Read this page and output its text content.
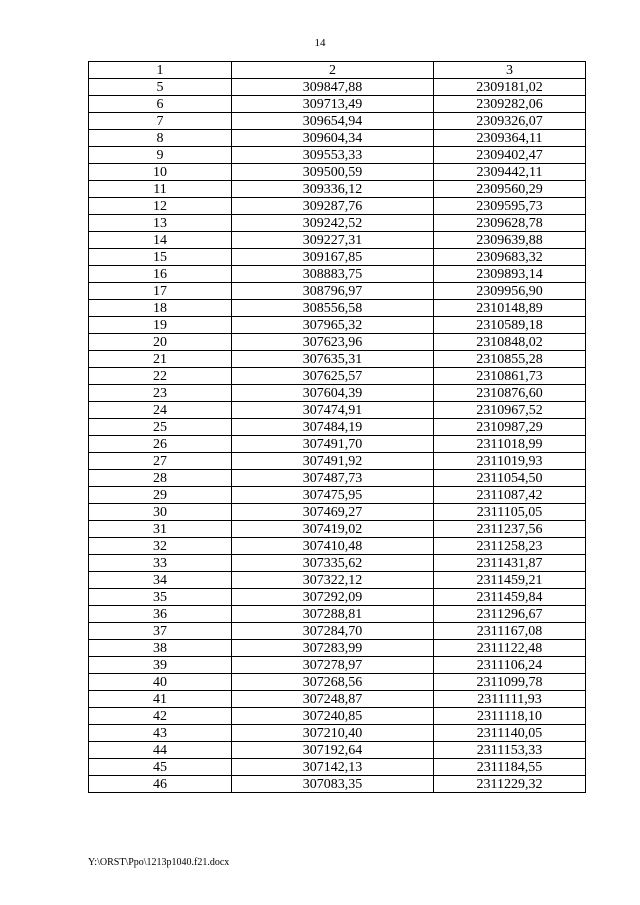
14
1	2	3
5	309847,88	2309181,02
6	309713,49	2309282,06
7	309654,94	2309326,07
8	309604,34	2309364,11
9	309553,33	2309402,47
10	309500,59	2309442,11
11	309336,12	2309560,29
12	309287,76	2309595,73
13	309242,52	2309628,78
14	309227,31	2309639,88
15	309167,85	2309683,32
16	308883,75	2309893,14
17	308796,97	2309956,90
18	308556,58	2310148,89
19	307965,32	2310589,18
20	307623,96	2310848,02
21	307635,31	2310855,28
22	307625,57	2310861,73
23	307604,39	2310876,60
24	307474,91	2310967,52
25	307484,19	2310987,29
26	307491,70	2311018,99
27	307491,92	2311019,93
28	307487,73	2311054,50
29	307475,95	2311087,42
30	307469,27	2311105,05
31	307419,02	2311237,56
32	307410,48	2311258,23
33	307335,62	2311431,87
34	307322,12	2311459,21
35	307292,09	2311459,84
36	307288,81	2311296,67
37	307284,70	2311167,08
38	307283,99	2311122,48
39	307278,97	2311106,24
40	307268,56	2311099,78
41	307248,87	2311111,93
42	307240,85	2311118,10
43	307210,40	2311140,05
44	307192,64	2311153,33
45	307142,13	2311184,55
46	307083,35	2311229,32
Y:\ORST\Ppo\1213p1040.f21.docx
